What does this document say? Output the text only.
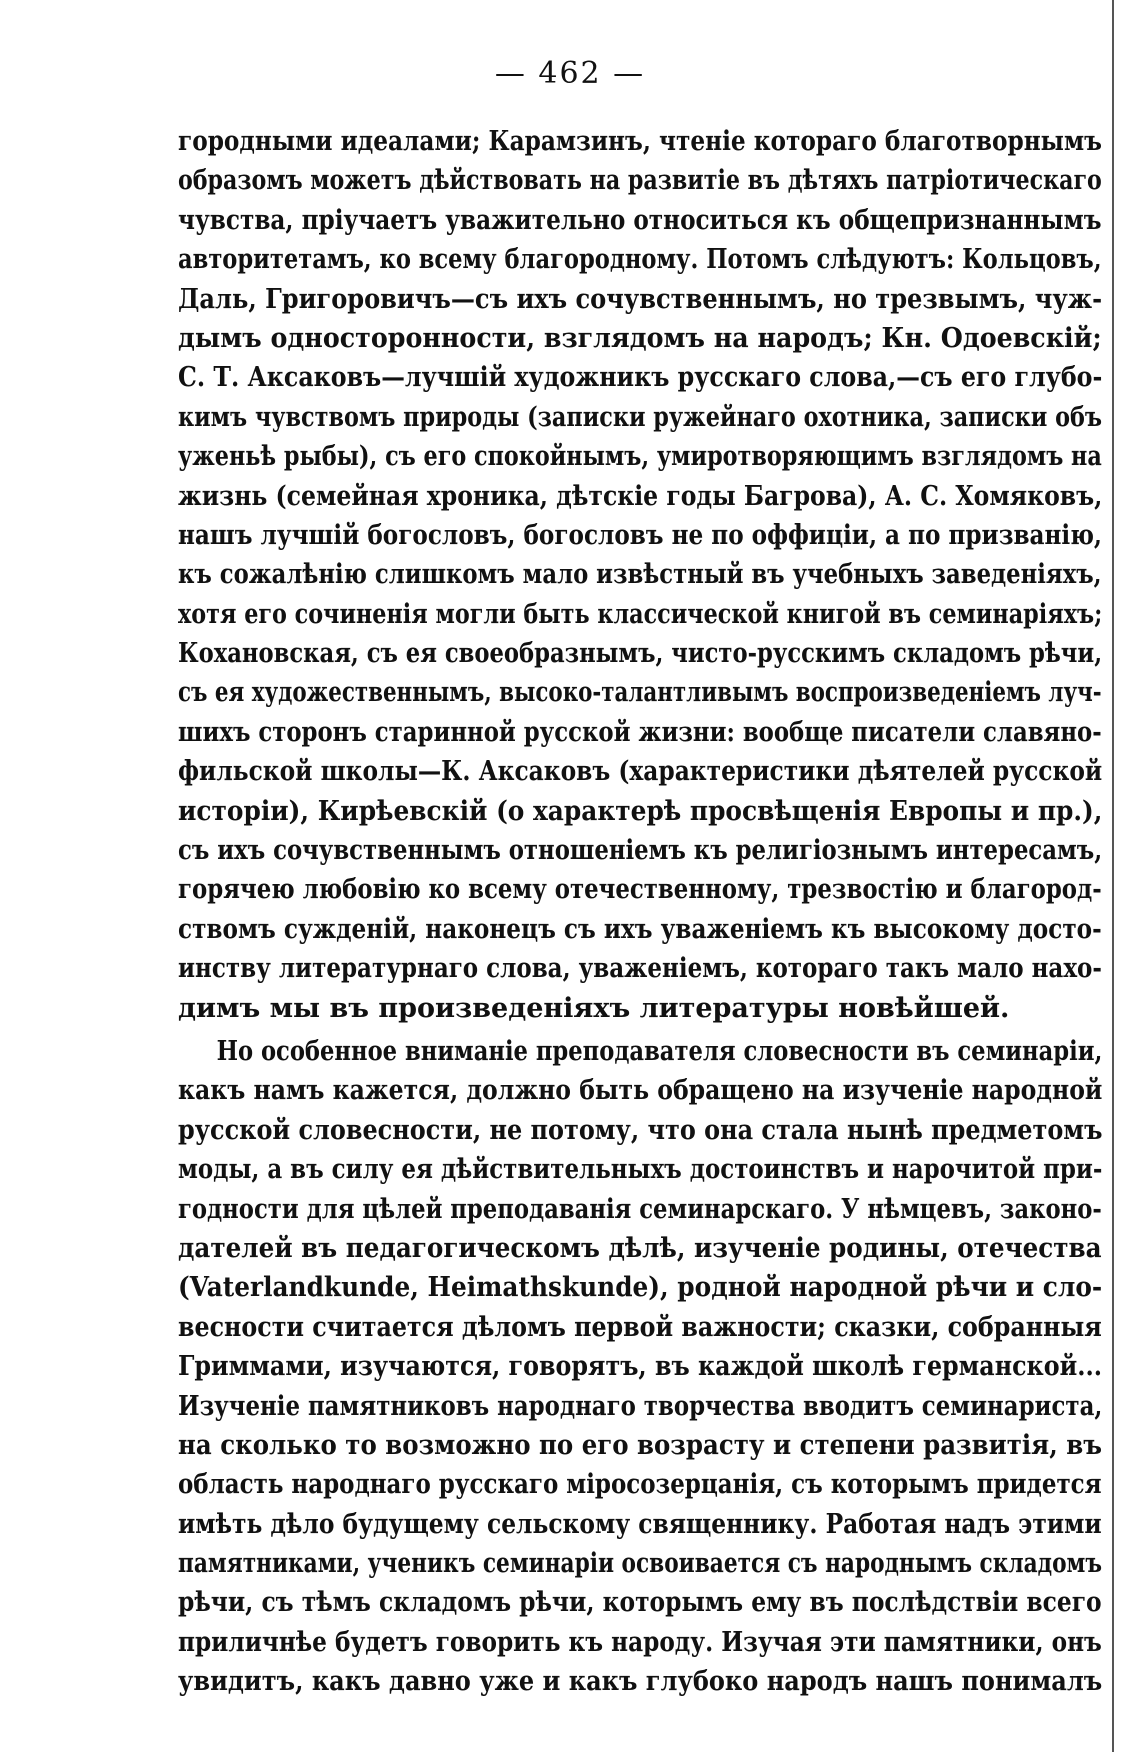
— 462 —
городными идеалами; Карамзинъ, чтеніе котораго благотворнымъ
образомъ можетъ дѣйствовать на развитіе въ дѣтяхъ патріотическаго
чувства, пріучаетъ уважительно относиться къ общепризнаннымъ
авторитетамъ, ко всему благородному. Потомъ слѣдуютъ: Кольцовъ,
Даль, Григоровичъ—съ ихъ сочувственнымъ, но трезвымъ, чуж-
дымъ односторонности, взглядомъ на народъ; Кн. Одоевскій;
С. Т. Аксаковъ—лучшій художникъ русскаго слова,—съ его глубо-
кимъ чувствомъ природы (записки ружейнаго охотника, записки объ
уженьѣ рыбы), съ его спокойнымъ, умиротворяющимъ взглядомъ на
жизнь (семейная хроника, дѣтскіе годы Багрова), А. С. Хомяковъ,
нашъ лучшій богословъ, богословъ не по оффиціи, а по призванію,
къ сожалѣнію слишкомъ мало извѣстный въ учебныхъ заведеніяхъ,
хотя его сочиненія могли быть классической книгой въ семинаріяхъ;
Кохановская, съ ея своеобразнымъ, чисто-русскимъ складомъ рѣчи,
съ ея художественнымъ, высоко-талантливымъ воспроизведеніемъ луч-
шихъ сторонъ старинной русской жизни: вообще писатели славяно-
фильской школы—К. Аксаковъ (характеристики дѣятелей русской
исторіи), Кирѣевскій (о характерѣ просвѣщенія Европы и пр.),
съ ихъ сочувственнымъ отношеніемъ къ религіознымъ интересамъ,
горячею любовію ко всему отечественному, трезвостію и благород-
ствомъ сужденій, наконецъ съ ихъ уваженіемъ къ высокому досто-
инству литературнаго слова, уваженіемъ, котораго такъ мало нахо-
димъ мы въ произведеніяхъ литературы новѣйшей.
Но особенное вниманіе преподавателя словесности въ семинаріи,
какъ намъ кажется, должно быть обращено на изученіе народной
русской словесности, не потому, что она стала нынѣ предметомъ
моды, а въ силу ея дѣйствительныхъ достоинствъ и нарочитой при-
годности для цѣлей преподаванія семинарскаго. У нѣмцевъ, законо-
дателей въ педагогическомъ дѣлѣ, изученіе родины, отечества
(Vaterlandkunde, Heimathskunde), родной народной рѣчи и сло-
весности считается дѣломъ первой важности; сказки, собранныя
Гриммами, изучаются, говорятъ, въ каждой школѣ германской...
Изученіе памятниковъ народнаго творчества вводитъ семинариста,
на сколько то возможно по его возрасту и степени развитія, въ
область народнаго русскаго міросозерцанія, съ которымъ придется
имѣть дѣло будущему сельскому священнику. Работая надъ этими
памятниками, ученикъ семинаріи освоивается съ народнымъ складомъ
рѣчи, съ тѣмъ складомъ рѣчи, которымъ ему въ послѣдствіи всего
приличнѣе будетъ говорить къ народу. Изучая эти памятники, онъ
увидитъ, какъ давно уже и какъ глубоко народъ нашъ понималъ
